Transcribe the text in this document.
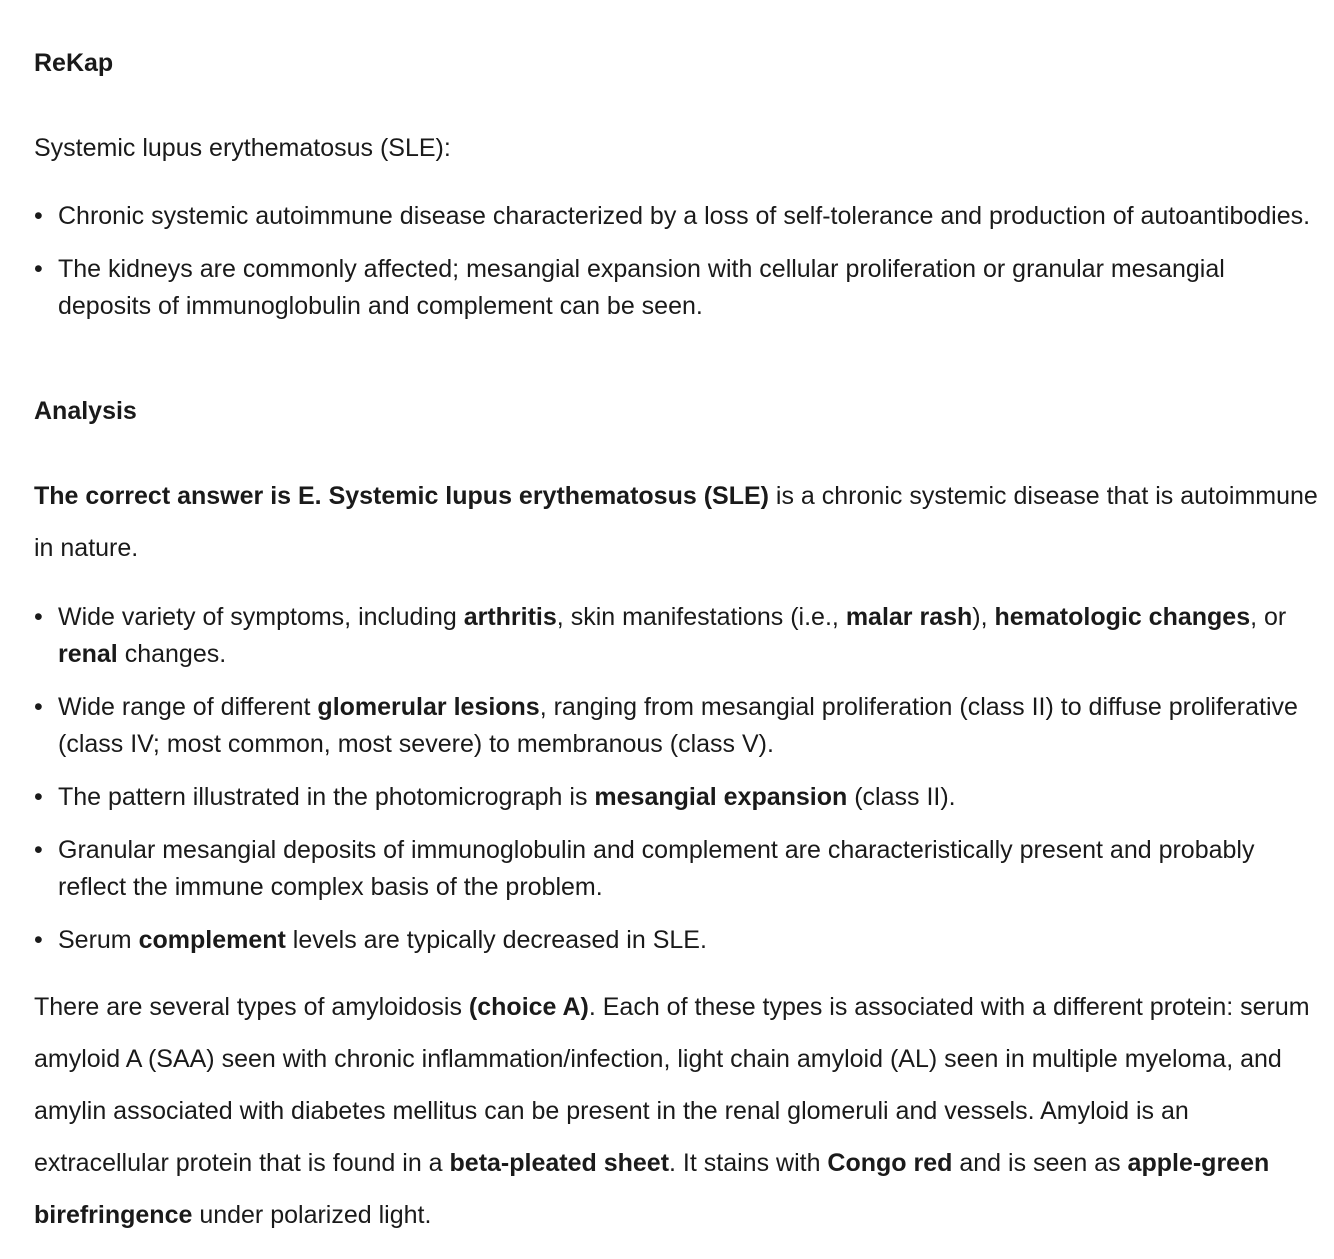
ReKap

Systemic lupus erythematosus (SLE):

• Chronic systemic autoimmune disease characterized by a loss of self-tolerance and production of autoantibodies.
• The kidneys are commonly affected; mesangial expansion with cellular proliferation or granular mesangial deposits of immunoglobulin and complement can be seen.
Analysis

The correct answer is E. Systemic lupus erythematosus (SLE) is a chronic systemic disease that is autoimmune in nature.

• Wide variety of symptoms, including arthritis, skin manifestations (i.e., malar rash), hematologic changes, or renal changes.
• Wide range of different glomerular lesions, ranging from mesangial proliferation (class II) to diffuse proliferative (class IV; most common, most severe) to membranous (class V).
• The pattern illustrated in the photomicrograph is mesangial expansion (class II).
• Granular mesangial deposits of immunoglobulin and complement are characteristically present and probably reflect the immune complex basis of the problem.
• Serum complement levels are typically decreased in SLE.

There are several types of amyloidosis (choice A). Each of these types is associated with a different protein: serum amyloid A (SAA) seen with chronic inflammation/infection, light chain amyloid (AL) seen in multiple myeloma, and amylin associated with diabetes mellitus can be present in the renal glomeruli and vessels. Amyloid is an extracellular protein that is found in a beta-pleated sheet. It stains with Congo red and is seen as apple-green birefringence under polarized light.
